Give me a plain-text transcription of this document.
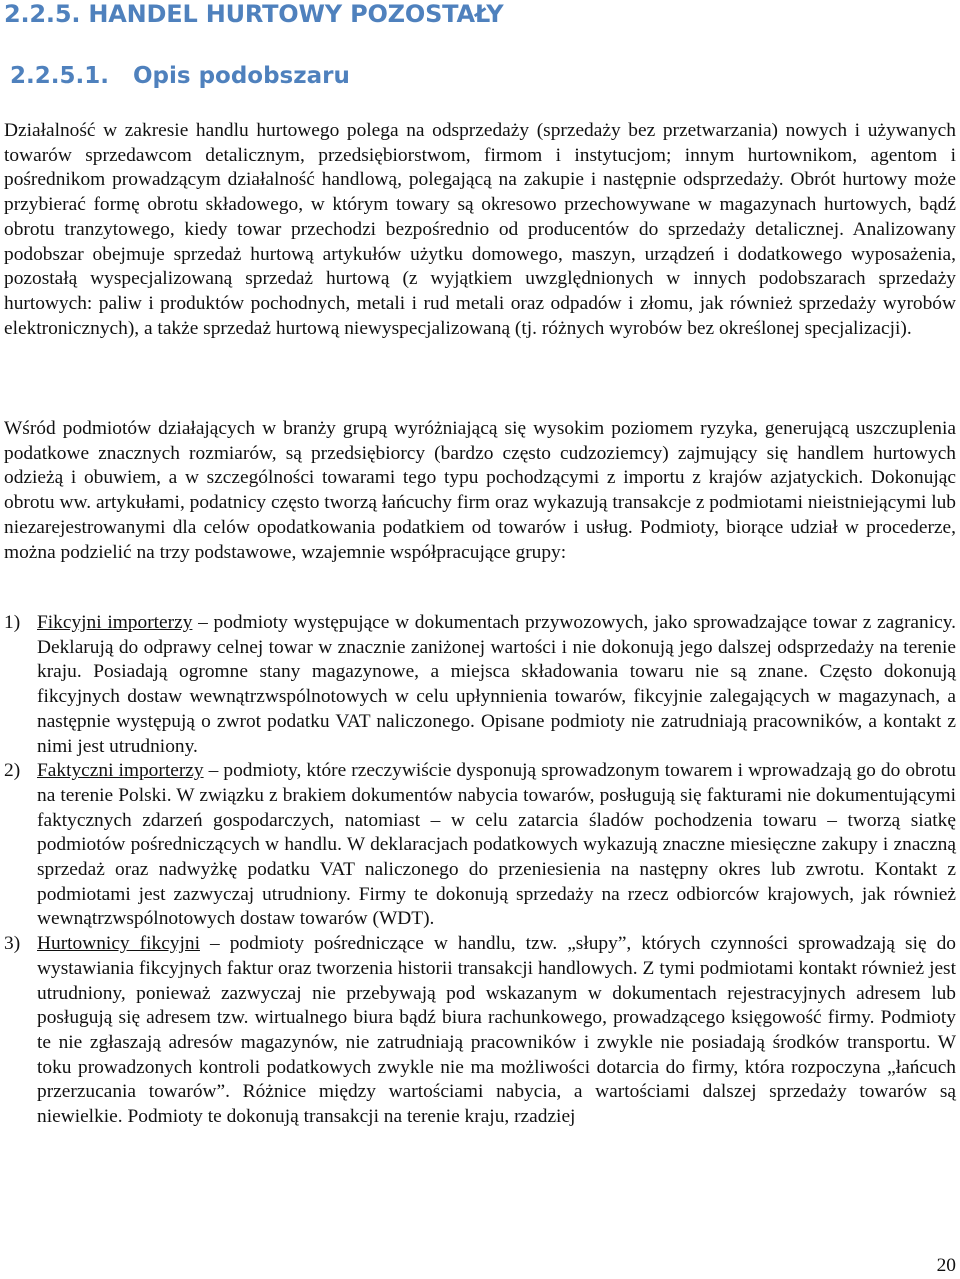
2.2.5. HANDEL HURTOWY POZOSTAŁY
2.2.5.1. Opis podobszaru
Działalność w zakresie handlu hurtowego polega na odsprzedaży (sprzedaży bez przetwarzania) nowych i używanych towarów sprzedawcom detalicznym, przedsiębiorstwom, firmom i instytucjom; innym hurtownikom, agentom i pośrednikom prowadzącym działalność handlową, polegającą na zakupie i następnie odsprzedaży. Obrót hurtowy może przybierać formę obrotu składowego, w którym towary są okresowo przechowywane w magazynach hurtowych, bądź obrotu tranzytowego, kiedy towar przechodzi bezpośrednio od producentów do sprzedaży detalicznej. Analizowany podobszar obejmuje sprzedaż hurtową artykułów użytku domowego, maszyn, urządzeń i dodatkowego wyposażenia, pozostałą wyspecjalizowaną sprzedaż hurtową (z wyjątkiem uwzględnionych w innych podobszarach sprzedaży hurtowych: paliw i produktów pochodnych, metali i rud metali oraz odpadów i złomu, jak również sprzedaży wyrobów elektronicznych), a także sprzedaż hurtową niewyspecjalizowaną (tj. różnych wyrobów bez określonej specjalizacji).
Wśród podmiotów działających w branży grupą wyróżniającą się wysokim poziomem ryzyka, generującą uszczuplenia podatkowe znacznych rozmiarów, są przedsiębiorcy (bardzo często cudzoziemcy) zajmujący się handlem hurtowych odzieżą i obuwiem, a w szczególności towarami tego typu pochodzącymi z importu z krajów azjatyckich. Dokonując obrotu ww. artykułami, podatnicy często tworzą łańcuchy firm oraz wykazują transakcje z podmiotami nieistniejącymi lub niezarejestrowanymi dla celów opodatkowania podatkiem od towarów i usług. Podmioty, biorące udział w procederze, można podzielić na trzy podstawowe, wzajemnie współpracujące grupy:
1) Fikcyjni importerzy – podmioty występujące w dokumentach przywozowych, jako sprowadzające towar z zagranicy. Deklarują do odprawy celnej towar w znacznie zaniżonej wartości i nie dokonują jego dalszej odsprzedaży na terenie kraju. Posiadają ogromne stany magazynowe, a miejsca składowania towaru nie są znane. Często dokonują fikcyjnych dostaw wewnątrzwspólnotowych w celu upłynnienia towarów, fikcyjnie zalegających w magazynach, a następnie występują o zwrot podatku VAT naliczonego. Opisane podmioty nie zatrudniają pracowników, a kontakt z nimi jest utrudniony.
2) Faktyczni importerzy – podmioty, które rzeczywiście dysponują sprowadzonym towarem i wprowadzają go do obrotu na terenie Polski. W związku z brakiem dokumentów nabycia towarów, posługują się fakturami nie dokumentującymi faktycznych zdarzeń gospodarczych, natomiast – w celu zatarcia śladów pochodzenia towaru – tworzą siatkę podmiotów pośredniczących w handlu. W deklaracjach podatkowych wykazują znaczne miesięczne zakupy i znaczną sprzedaż oraz nadwyżkę podatku VAT naliczonego do przeniesienia na następny okres lub zwrotu. Kontakt z podmiotami jest zazwyczaj utrudniony. Firmy te dokonują sprzedaży na rzecz odbiorców krajowych, jak również wewnątrzwspólnotowych dostaw towarów (WDT).
3) Hurtownicy fikcyjni – podmioty pośredniczące w handlu, tzw. „słupy”, których czynności sprowadzają się do wystawiania fikcyjnych faktur oraz tworzenia historii transakcji handlowych. Z tymi podmiotami kontakt również jest utrudniony, ponieważ zazwyczaj nie przebywają pod wskazanym w dokumentach rejestracyjnych adresem lub posługują się adresem tzw. wirtualnego biura bądź biura rachunkowego, prowadzącego księgowość firmy. Podmioty te nie zgłaszają adresów magazynów, nie zatrudniają pracowników i zwykle nie posiadają środków transportu. W toku prowadzonych kontroli podatkowych zwykle nie ma możliwości dotarcia do firmy, która rozpoczyna „łańcuch przerzucania towarów”. Różnice między wartościami nabycia, a wartościami dalszej sprzedaży towarów są niewielkie. Podmioty te dokonują transakcji na terenie kraju, rzadziej
20
